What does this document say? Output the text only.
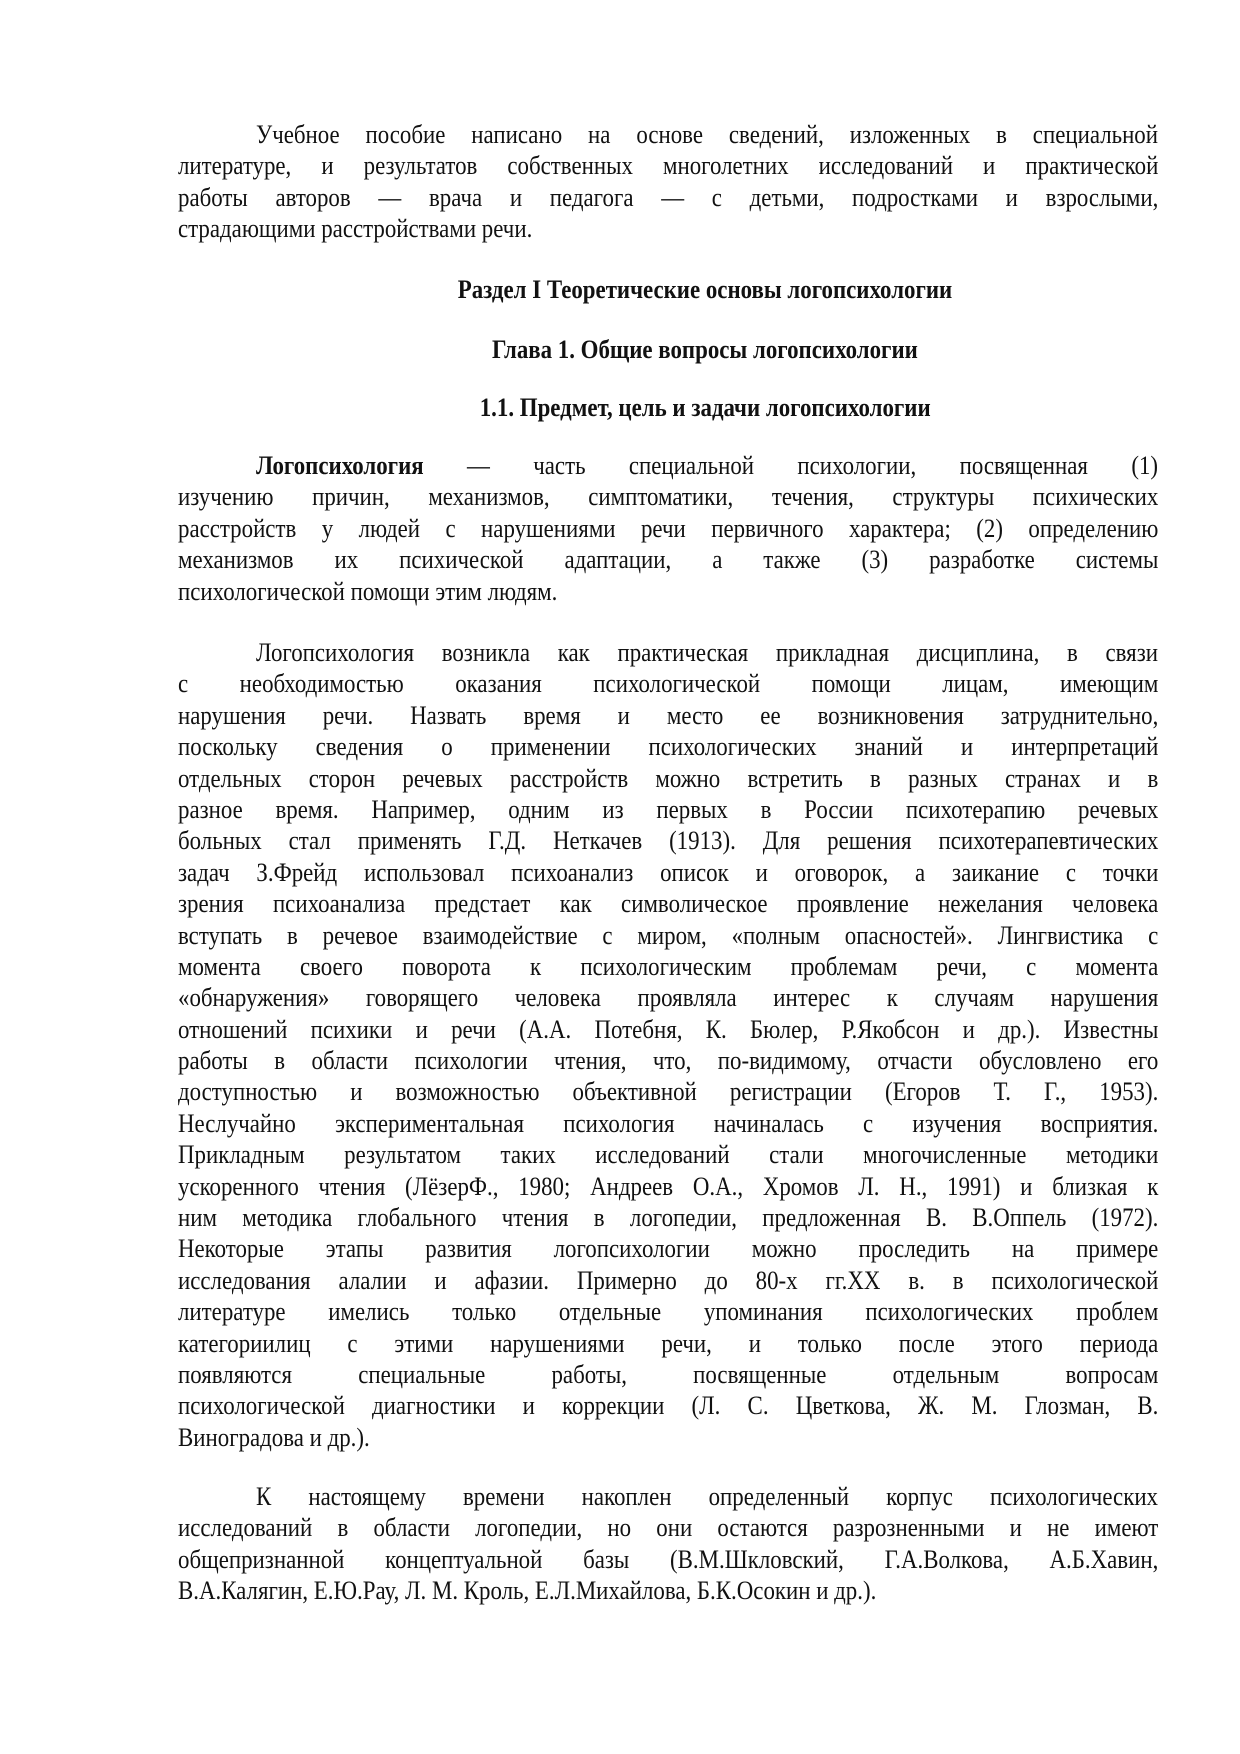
Учебное пособие написано на основе сведений, изложенных в специальной
литературе, и результатов собственных многолетних исследований и практической
работы авторов — врача и педагога — с детьми, подростками и взрослыми,
страдающими расстройствами речи.
Раздел I Теоретические основы логопсихологии
Глава 1. Общие вопросы логопсихологии
1.1. Предмет, цель и задачи логопсихологии
Логопсихология — часть специальной психологии, посвященная (1)
изучению причин, механизмов, симптоматики, течения, структуры психических
расстройств у людей с нарушениями речи первичного характера; (2) определению
механизмов их психической адаптации, а также (3) разработке системы
психологической помощи этим людям.
Логопсихология возникла как практическая прикладная дисциплина, в связи
с необходимостью оказания психологической помощи лицам, имеющим
нарушения речи. Назвать время и место ее возникновения затруднительно,
поскольку сведения о применении психологических знаний и интерпретаций
отдельных сторон речевых расстройств можно встретить в разных странах и в
разное время. Например, одним из первых в России психотерапию речевых
больных стал применять Г.Д. Неткачев (1913). Для решения психотерапевтических
задач З.Фрейд использовал психоанализ описок и оговорок, а заикание с точки
зрения психоанализа предстает как символическое проявление нежелания человека
вступать в речевое взаимодействие с миром, «полным опасностей». Лингвистика с
момента своего поворота к психологическим проблемам речи, с момента
«обнаружения» говорящего человека проявляла интерес к случаям нарушения
отношений психики и речи (А.А. Потебня, К. Бюлер, Р.Якобсон и др.). Известны
работы в области психологии чтения, что, по-видимому, отчасти обусловлено его
доступностью и возможностью объективной регистрации (Егоров Т. Г., 1953).
Неслучайно экспериментальная психология начиналась с изучения восприятия.
Прикладным результатом таких исследований стали многочисленные методики
ускоренного чтения (ЛёзерФ., 1980; Андреев О.А., Хромов Л. Н., 1991) и близкая к
ним методика глобального чтения в логопедии, предложенная В. В.Оппель (1972).
Некоторые этапы развития логопсихологии можно проследить на примере
исследования алалии и афазии. Примерно до 80-х гг.XX в. в психологической
литературе имелись только отдельные упоминания психологических проблем
категориилиц с этими нарушениями речи, и только после этого периода
появляются специальные работы, посвященные отдельным вопросам
психологической диагностики и коррекции (Л. С. Цветкова, Ж. М. Глозман, В.
Виноградова и др.).
К настоящему времени накоплен определенный корпус психологических
исследований в области логопедии, но они остаются разрозненными и не имеют
общепризнанной концептуальной базы (В.М.Шкловский, Г.А.Волкова, А.Б.Хавин,
В.А.Калягин, Е.Ю.Рау, Л. М. Кроль, Е.Л.Михайлова, Б.К.Осокин и др.).
